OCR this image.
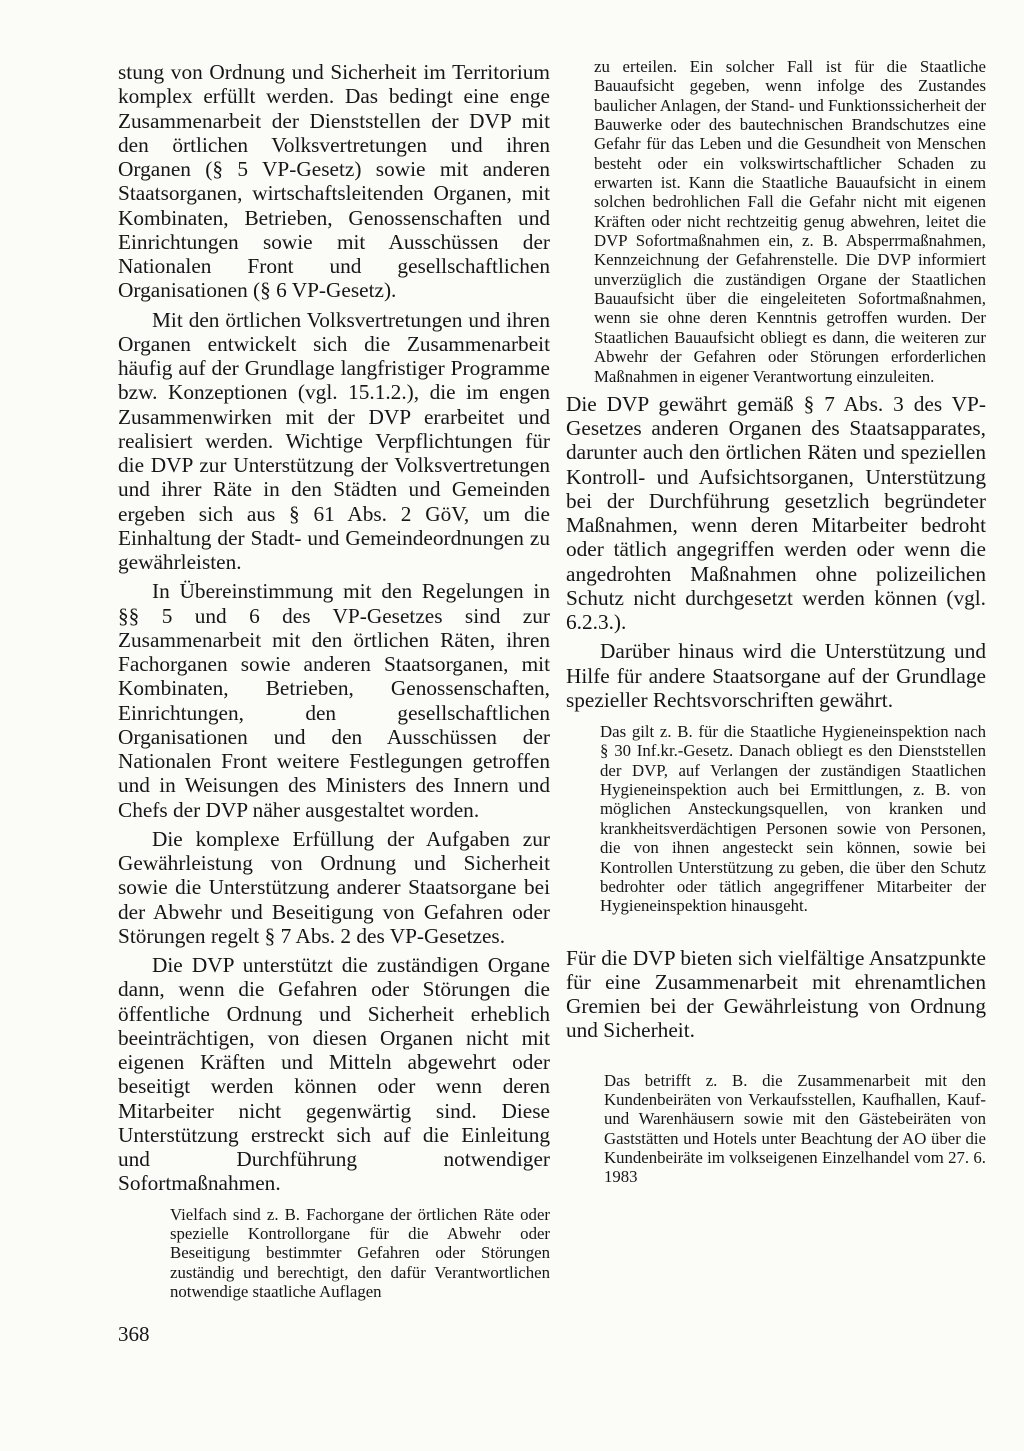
stung von Ordnung und Sicherheit im Territorium komplex erfüllt werden. Das bedingt eine enge Zusammenarbeit der Dienststellen der DVP mit den örtlichen Volksvertretungen und ihren Organen (§ 5 VP-Gesetz) sowie mit anderen Staatsorganen, wirtschaftsleitenden Organen, mit Kombinaten, Betrieben, Genossenschaften und Einrichtungen sowie mit Ausschüssen der Nationalen Front und gesellschaftlichen Organisationen (§ 6 VP-Gesetz).

Mit den örtlichen Volksvertretungen und ihren Organen entwickelt sich die Zusammenarbeit häufig auf der Grundlage langfristiger Programme bzw. Konzeptionen (vgl. 15.1.2.), die im engen Zusammenwirken mit der DVP erarbeitet und realisiert werden. Wichtige Verpflichtungen für die DVP zur Unterstützung der Volksvertretungen und ihrer Räte in den Städten und Gemeinden ergeben sich aus § 61 Abs. 2 GöV, um die Einhaltung der Stadt- und Gemeindeordnungen zu gewährleisten.

In Übereinstimmung mit den Regelungen in §§ 5 und 6 des VP-Gesetzes sind zur Zusammenarbeit mit den örtlichen Räten, ihren Fachorganen sowie anderen Staatsorganen, mit Kombinaten, Betrieben, Genossenschaften, Einrichtungen, den gesellschaftlichen Organisationen und den Ausschüssen der Nationalen Front weitere Festlegungen getroffen und in Weisungen des Ministers des Innern und Chefs der DVP näher ausgestaltet worden.

Die komplexe Erfüllung der Aufgaben zur Gewährleistung von Ordnung und Sicherheit sowie die Unterstützung anderer Staatsorgane bei der Abwehr und Beseitigung von Gefahren oder Störungen regelt § 7 Abs. 2 des VP-Gesetzes.

Die DVP unterstützt die zuständigen Organe dann, wenn die Gefahren oder Störungen die öffentliche Ordnung und Sicherheit erheblich beeinträchtigen, von diesen Organen nicht mit eigenen Kräften und Mitteln abgewehrt oder beseitigt werden können oder wenn deren Mitarbeiter nicht gegenwärtig sind. Diese Unterstützung erstreckt sich auf die Einleitung und Durchführung notwendiger Sofortmaßnahmen.

Vielfach sind z. B. Fachorgane der örtlichen Räte oder spezielle Kontrollorgane für die Abwehr oder Beseitigung bestimmter Gefahren oder Störungen zuständig und berechtigt, den dafür Verantwortlichen notwendige staatliche Auflagen

zu erteilen. Ein solcher Fall ist für die Staatliche Bauaufsicht gegeben, wenn infolge des Zustandes baulicher Anlagen, der Stand- und Funktionssicherheit der Bauwerke oder des bautechnischen Brandschutzes eine Gefahr für das Leben und die Gesundheit von Menschen besteht oder ein volkswirtschaftlicher Schaden zu erwarten ist. Kann die Staatliche Bauaufsicht in einem solchen bedrohlichen Fall die Gefahr nicht mit eigenen Kräften oder nicht rechtzeitig genug abwehren, leitet die DVP Sofortmaßnahmen ein, z. B. Absperrmaßnahmen, Kennzeichnung der Gefahrenstelle. Die DVP informiert unverzüglich die zuständigen Organe der Staatlichen Bauaufsicht über die eingeleiteten Sofortmaßnahmen, wenn sie ohne deren Kenntnis getroffen wurden. Der Staatlichen Bauaufsicht obliegt es dann, die weiteren zur Abwehr der Gefahren oder Störungen erforderlichen Maßnahmen in eigener Verantwortung einzuleiten.

Die DVP gewährt gemäß § 7 Abs. 3 des VP-Gesetzes anderen Organen des Staatsapparates, darunter auch den örtlichen Räten und speziellen Kontroll- und Aufsichtsorganen, Unterstützung bei der Durchführung gesetzlich begründeter Maßnahmen, wenn deren Mitarbeiter bedroht oder tätlich angegriffen werden oder wenn die angedrohten Maßnahmen ohne polizeilichen Schutz nicht durchgesetzt werden können (vgl. 6.2.3.).

Darüber hinaus wird die Unterstützung und Hilfe für andere Staatsorgane auf der Grundlage spezieller Rechtsvorschriften gewährt.

Das gilt z. B. für die Staatliche Hygieneinspektion nach § 30 Inf.kr.-Gesetz. Danach obliegt es den Dienststellen der DVP, auf Verlangen der zuständigen Staatlichen Hygieneinspektion auch bei Ermittlungen, z. B. von möglichen Ansteckungsquellen, von kranken und krankheitsverdächtigen Personen sowie von Personen, die von ihnen angesteckt sein können, sowie bei Kontrollen Unterstützung zu geben, die über den Schutz bedrohter oder tätlich angegriffener Mitarbeiter der Hygieneinspektion hinausgeht.

Für die DVP bieten sich vielfältige Ansatzpunkte für eine Zusammenarbeit mit ehrenamtlichen Gremien bei der Gewährleistung von Ordnung und Sicherheit.

Das betrifft z. B. die Zusammenarbeit mit den Kundenbeiräten von Verkaufsstellen, Kaufhallen, Kauf- und Warenhäusern sowie mit den Gästebeiräten von Gaststätten und Hotels unter Beachtung der AO über die Kundenbeiräte im volkseigenen Einzelhandel vom 27. 6. 1983

368
